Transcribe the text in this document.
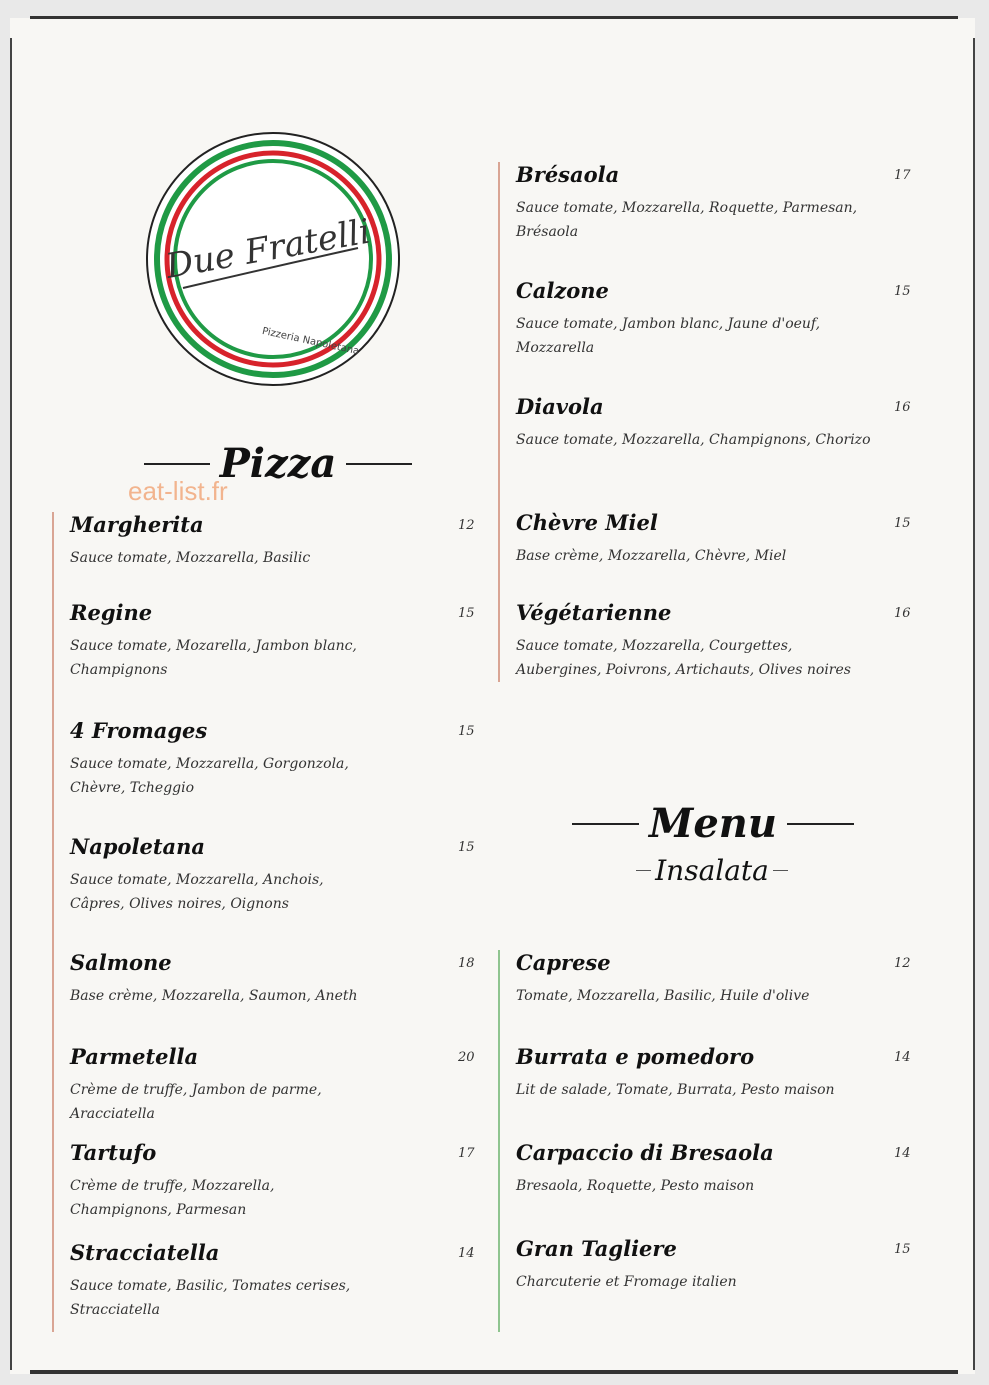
Due Fratelli
Pizzeria Napoletana
Pizza
eat-list.fr
Margherita	12
Sauce tomate, Mozzarella, Basilic
Regine	15
Sauce tomate, Mozarella, Jambon blanc, Champignons
4 Fromages	15
Sauce tomate, Mozzarella, Gorgonzola, Chèvre, Tcheggio
Napoletana	15
Sauce tomate, Mozzarella, Anchois, Câpres, Olives noires, Oignons
Salmone	18
Base crème, Mozzarella, Saumon, Aneth
Parmetella	20
Crème de truffe, Jambon de parme, Aracciatella
Tartufo	17
Crème de truffe, Mozzarella, Champignons, Parmesan
Stracciatella	14
Sauce tomate, Basilic, Tomates cerises, Stracciatella
Brésaola	17
Sauce tomate, Mozzarella, Roquette, Parmesan, Brésaola
Calzone	15
Sauce tomate, Jambon blanc, Jaune d'oeuf, Mozzarella
Diavola	16
Sauce tomate, Mozzarella, Champignons, Chorizo
Chèvre Miel	15
Base crème, Mozzarella, Chèvre, Miel
Végétarienne	16
Sauce tomate, Mozzarella, Courgettes, Aubergines, Poivrons, Artichauts, Olives noires
Menu
Insalata
Caprese	12
Tomate, Mozzarella, Basilic, Huile d'olive
Burrata e pomedoro	14
Lit de salade, Tomate, Burrata, Pesto maison
Carpaccio di Bresaola	14
Bresaola, Roquette, Pesto maison
Gran Tagliere	15
Charcuterie et Fromage italien
